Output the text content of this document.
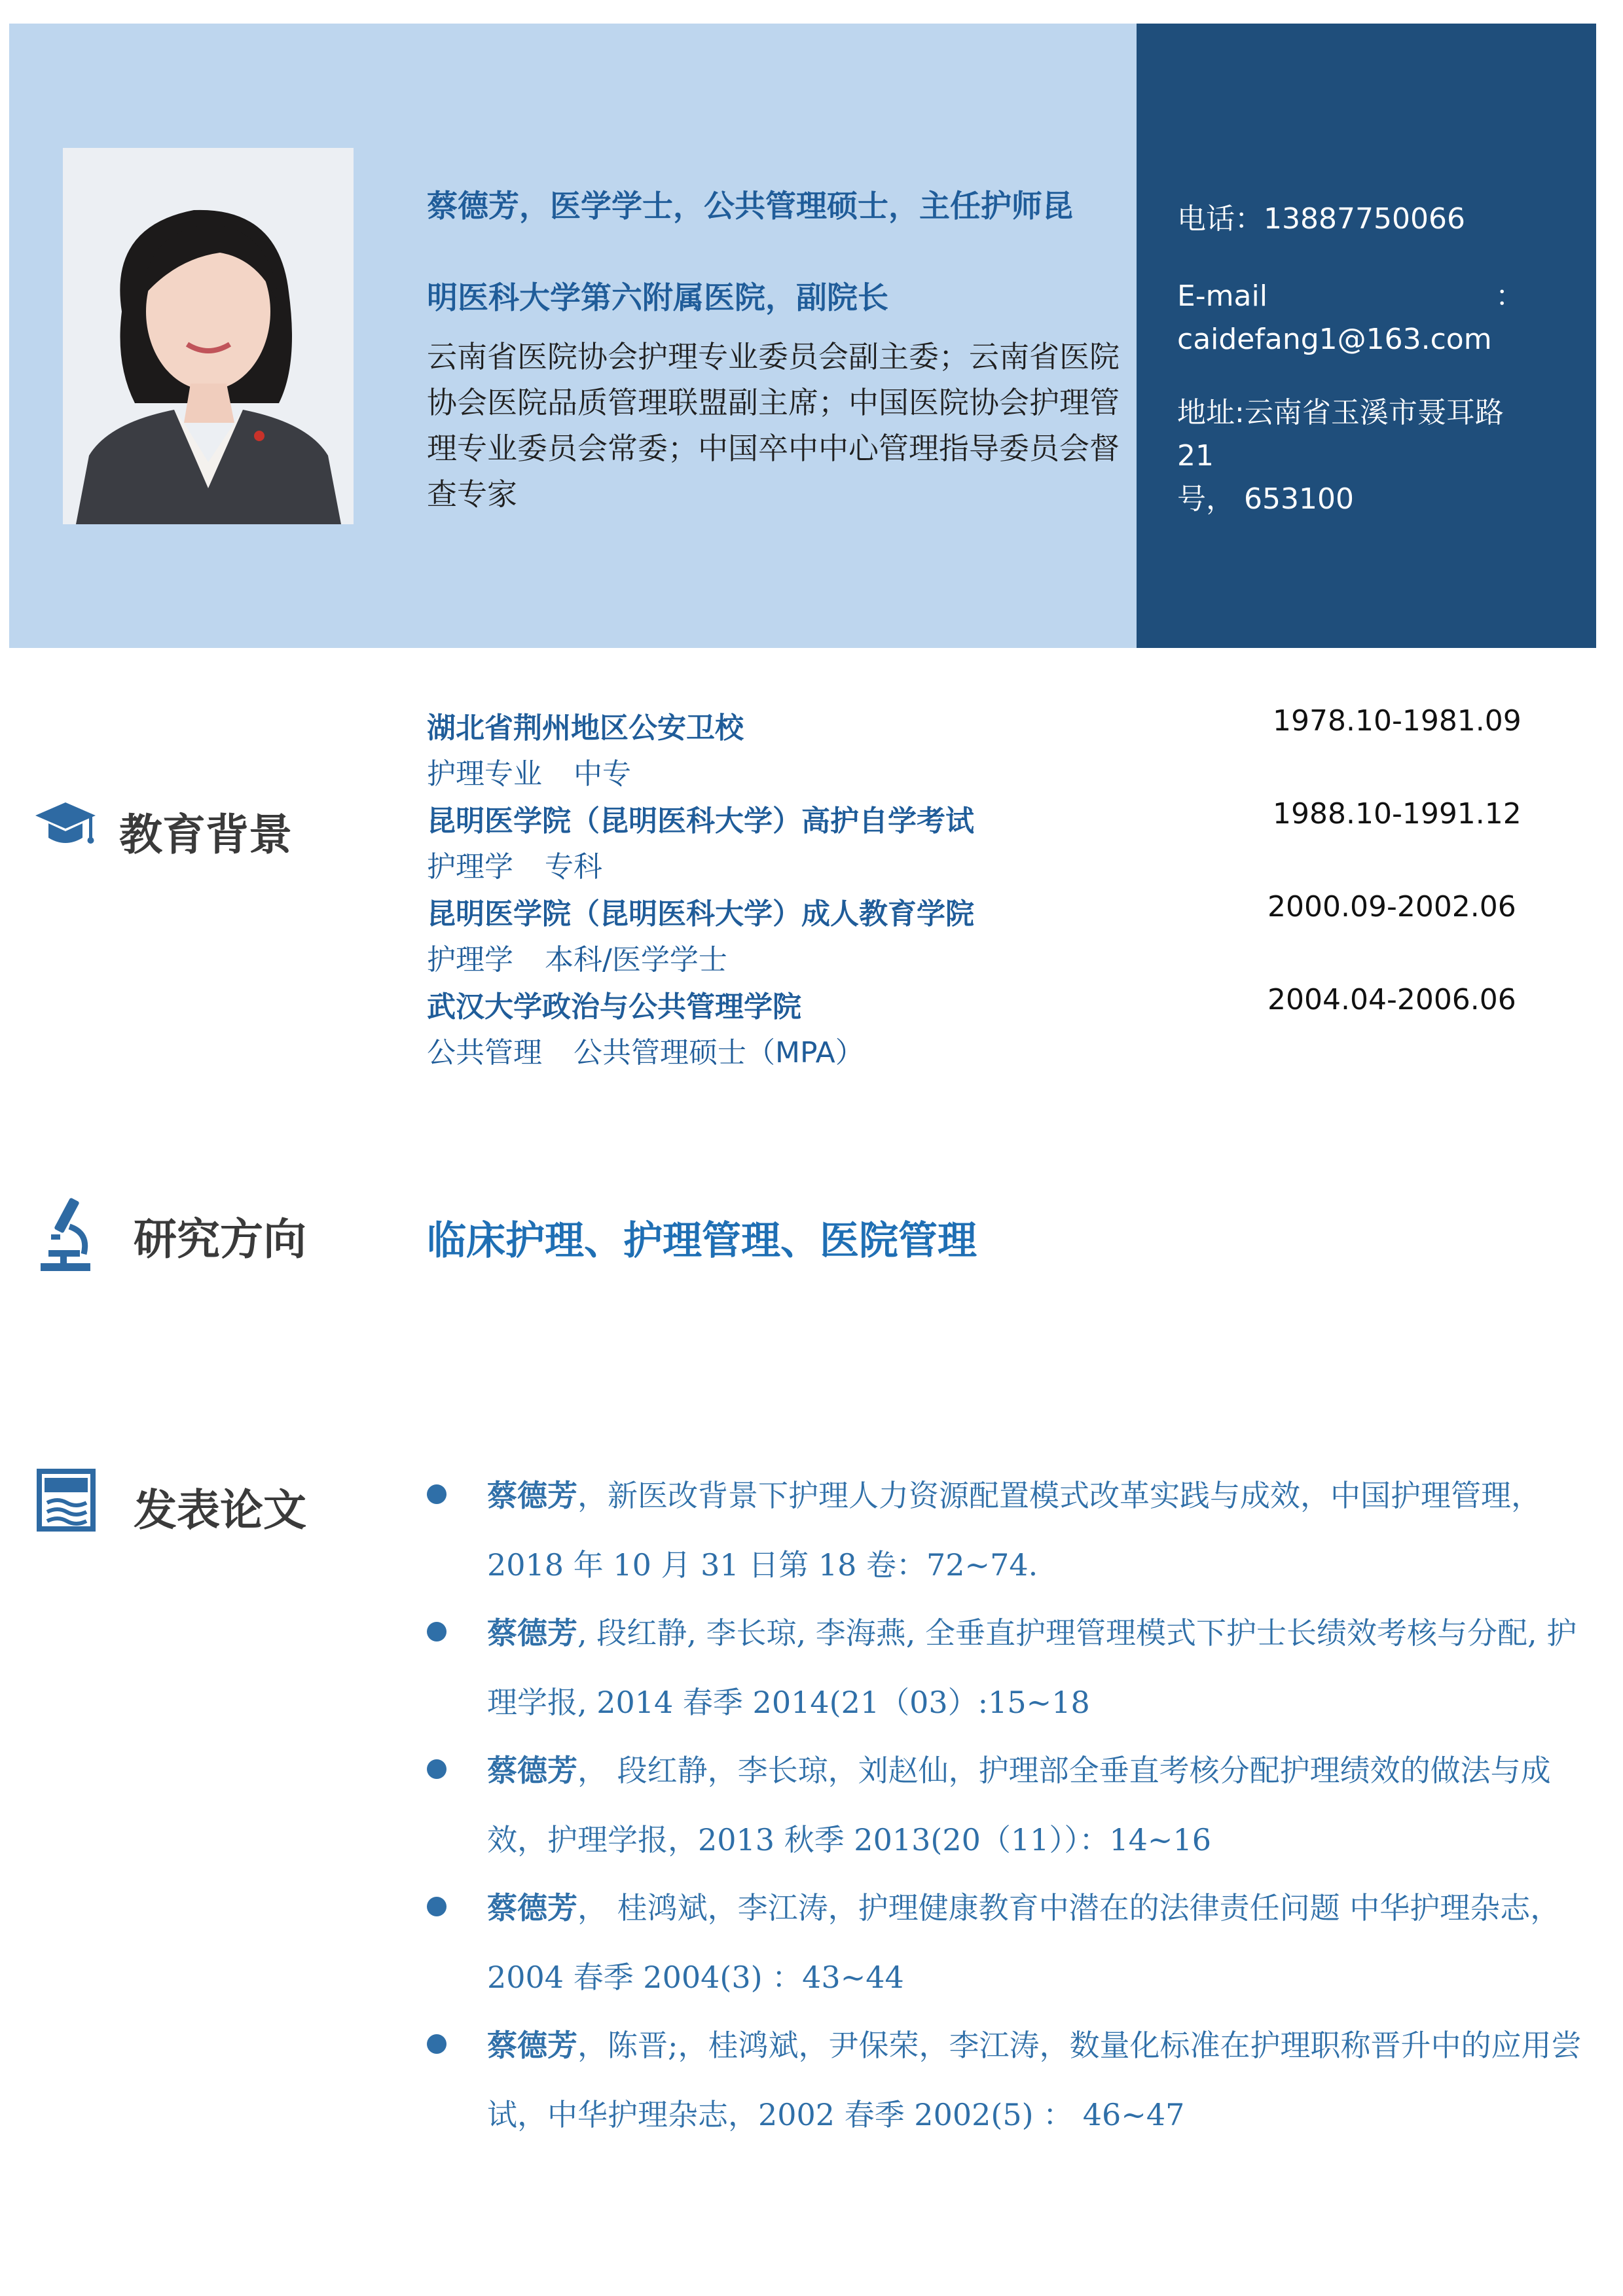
蔡德芳，医学学士，公共管理硕士，主任护师昆
明医科大学第六附属医院，副院长
云南省医院协会护理专业委员会副主委；云南省医院协会医院品质管理联盟副主席；中国医院协会护理管理专业委员会常委；中国卒中中心管理指导委员会督查专家
电话：13887750066
E-mail	：
caidefang1@163.com
地址:云南省玉溪市聂耳路 21
号， 653100
教育背景
湖北省荆州地区公安卫校	1978.10-1981.09
护理专业 中专
昆明医学院（昆明医科大学）高护自学考试	1988.10-1991.12
护理学 专科
昆明医学院（昆明医科大学）成人教育学院	2000.09-2002.06
护理学 本科/医学学士
武汉大学政治与公共管理学院	2004.04-2006.06
公共管理 公共管理硕士（MPA）
研究方向	临床护理、护理管理、医院管理
发表论文	蔡德芳，新医改背景下护理人力资源配置模式改革实践与成效，中国护理管理，2018 年 10 月 31 日第 18 卷：72~74.
蔡德芳, 段红静, 李长琼, 李海燕, 全垂直护理管理模式下护士长绩效考核与分配, 护理学报, 2014 春季 2014(21（03）:15~18
蔡德芳， 段红静，李长琼，刘赵仙，护理部全垂直考核分配护理绩效的做法与成效，护理学报，2013 秋季 2013(20（11））：14~16
蔡德芳， 桂鸿斌，李江涛，护理健康教育中潜在的法律责任问题 中华护理杂志，2004 春季 2004(3) ：43~44
蔡德芳，陈晋;，桂鸿斌，尹保荣，李江涛，数量化标准在护理职称晋升中的应用尝试，中华护理杂志，2002 春季 2002(5) ： 46~47
